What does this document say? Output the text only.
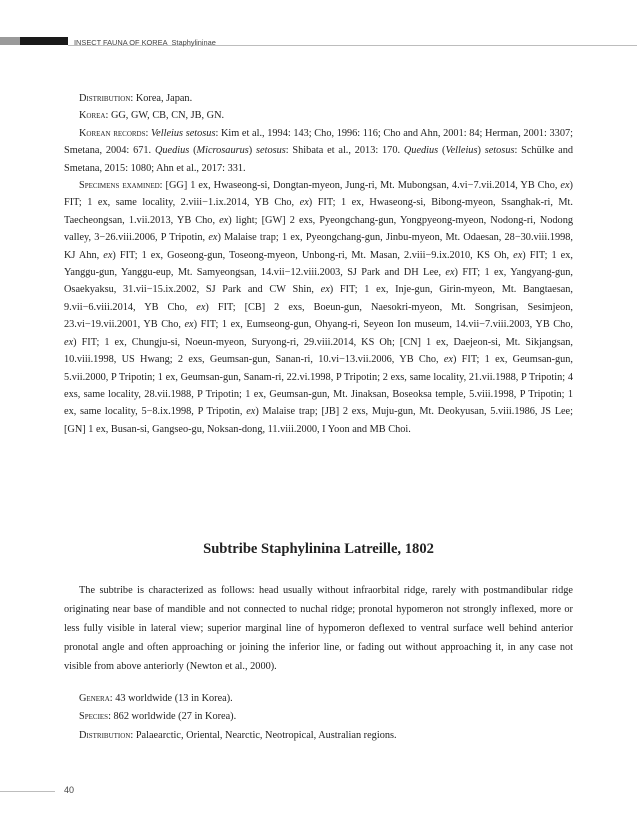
INSECT FAUNA OF KOREA Staphylininae

Distribution: Korea, Japan.

Korea: GG, GW, CB, CN, JB, GN.

Korean records: Velleius setosus: Kim et al., 1994: 143; Cho, 1996: 116; Cho and Ahn, 2001: 84; Herman, 2001: 3307; Smetana, 2004: 671. Quedius (Microsaurus) setosus: Shibata et al., 2013: 170. Quedius (Velleius) setosus: Schülke and Smetana, 2015: 1080; Ahn et al., 2017: 331.

Specimens examined: [GG] 1 ex, Hwaseong-si, Dongtan-myeon, Jung-ri, Mt. Mubongsan, 4.vi−7.vii.2014, YB Cho, ex) FIT; 1 ex, same locality, 2.viii−1.ix.2014, YB Cho, ex) FIT; 1 ex, Hwaseong-si, Bibong-myeon, Ssanghak-ri, Mt. Taecheongsan, 1.vii.2013, YB Cho, ex) light; [GW] 2 exs, Pyeongchang-gun, Yongpyeong-myeon, Nodong-ri, Nodong valley, 3−26.viii.2006, P Tripotin, ex) Malaise trap; 1 ex, Pyeongchang-gun, Jinbu-myeon, Mt. Odaesan, 28−30.viii.1998, KJ Ahn, ex) FIT; 1 ex, Goseong-gun, Toseong-myeon, Unbong-ri, Mt. Masan, 2.viii−9.ix.2010, KS Oh, ex) FIT; 1 ex, Yanggu-gun, Yanggu-eup, Mt. Samyeongsan, 14.vii−12.viii.2003, SJ Park and DH Lee, ex) FIT; 1 ex, Yangyang-gun, Osaekyaksu, 31.vii−15.ix.2002, SJ Park and CW Shin, ex) FIT; 1 ex, Inje-gun, Girin-myeon, Mt. Bangtaesan, 9.vii−6.viii.2014, YB Cho, ex) FIT; [CB] 2 exs, Boeun-gun, Naesokri-myeon, Mt. Songrisan, Sesimjeon, 23.vi−19.vii.2001, YB Cho, ex) FIT; 1 ex, Eumseong-gun, Ohyang-ri, Seyeon Ion museum, 14.vii−7.viii.2003, YB Cho, ex) FIT; 1 ex, Chungju-si, Noeun-myeon, Suryong-ri, 29.viii.2014, KS Oh; [CN] 1 ex, Daejeon-si, Mt. Sikjangsan, 10.viii.1998, US Hwang; 2 exs, Geumsan-gun, Sanan-ri, 10.vi−13.vii.2006, YB Cho, ex) FIT; 1 ex, Geumsan-gun, 5.vii.2000, P Tripotin; 1 ex, Geumsan-gun, Sanam-ri, 22.vi.1998, P Tripotin; 2 exs, same locality, 21.vii.1988, P Tripotin; 4 exs, same locality, 28.vii.1988, P Tripotin; 1 ex, Geumsan-gun, Mt. Jinaksan, Boseoksa temple, 5.viii.1998, P Tripotin; 1 ex, same locality, 5−8.ix.1998, P Tripotin, ex) Malaise trap; [JB] 2 exs, Muju-gun, Mt. Deokyusan, 5.viii.1986, JS Lee; [GN] 1 ex, Busan-si, Gangseo-gu, Noksan-dong, 11.viii.2000, I Yoon and MB Choi.

Subtribe Staphylinina Latreille, 1802

The subtribe is characterized as follows: head usually without infraorbital ridge, rarely with postmandibular ridge originating near base of mandible and not connected to nuchal ridge; pronotal hypomeron not strongly inflexed, more or less fully visible in lateral view; superior marginal line of hypomeron deflexed to ventral surface well behind anterior pronotal angle and often approaching or joining the inferior line, or fading out without approaching it, in any case not visible from above anteriorly (Newton et al., 2000).

Genera: 43 worldwide (13 in Korea).

Species: 862 worldwide (27 in Korea).

Distribution: Palaearctic, Oriental, Nearctic, Neotropical, Australian regions.

40
